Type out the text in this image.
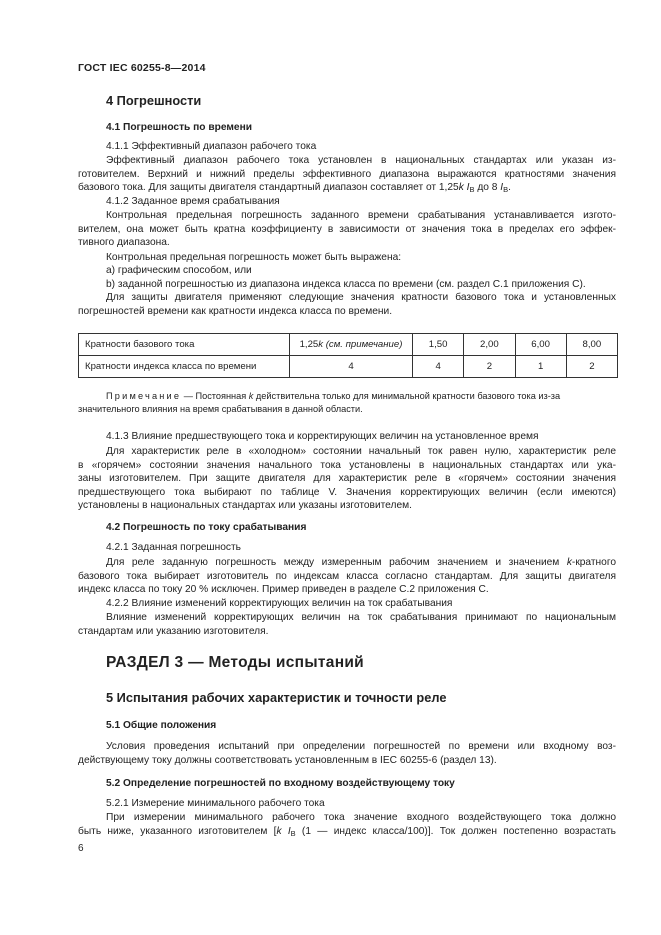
ГОСТ IEC 60255-8—2014
4 Погрешности
4.1 Погрешность по времени
4.1.1 Эффективный диапазон рабочего тока
Эффективный диапазон рабочего тока установлен в национальных стандартах или указан из-
готовителем. Верхний и нижний пределы эффективного диапазона выражаются кратностями значения
базового тока. Для защиты двигателя стандартный диапазон составляет от 1,25k IB до 8 IB.
4.1.2 Заданное время срабатывания
Контрольная предельная погрешность заданного времени срабатывания устанавливается изгото-
вителем, она может быть кратна коэффициенту в зависимости от значения тока в пределах его эффек-
тивного диапазона.
Контрольная предельная погрешность может быть выражена:
а) графическим способом, или
b) заданной погрешностью из диапазона индекса класса по времени (см. раздел С.1 приложения С).
Для защиты двигателя применяют следующие значения кратности базового тока и установленных
погрешностей времени как кратности индекса класса по времени.
Кратности базового тока	1,25k (см. примечание)	1,50	2,00	6,00	8,00
Кратности индекса класса по времени	4	4	2	1	2
Примечание — Постоянная k действительна только для минимальной кратности базового тока из-за
значительного влияния на время срабатывания в данной области.
4.1.3 Влияние предшествующего тока и корректирующих величин на установленное время
Для характеристик реле в «холодном» состоянии начальный ток равен нулю, характеристик реле
в «горячем» состоянии значения начального тока установлены в национальных стандартах или ука-
заны изготовителем. При защите двигателя для характеристик реле в «горячем» состоянии значения
предшествующего тока выбирают по таблице V. Значения корректирующих величин (если имеются)
установлены в национальных стандартах или указаны изготовителем.
4.2 Погрешность по току срабатывания
4.2.1 Заданная погрешность
Для реле заданную погрешность между измеренным рабочим значением и значением k-кратного
базового тока выбирает изготовитель по индексам класса согласно стандартам. Для защиты двигателя
индекс класса по току 20 % исключен. Пример приведен в разделе С.2 приложения С.
4.2.2 Влияние изменений корректирующих величин на ток срабатывания
Влияние изменений корректирующих величин на ток срабатывания принимают по национальным
стандартам или указанию изготовителя.
РАЗДЕЛ 3 — Методы испытаний
5 Испытания рабочих характеристик и точности реле
5.1 Общие положения
Условия проведения испытаний при определении погрешностей по времени или входному воз-
действующему току должны соответствовать установленным в IEC 60255-6 (раздел 13).
5.2 Определение погрешностей по входному воздействующему току
5.2.1 Измерение минимального рабочего тока
При измерении минимального рабочего тока значение входного воздействующего тока должно
быть ниже, указанного изготовителем [k IB (1 — индекс класса/100)]. Ток должен постепенно возрастать
6
